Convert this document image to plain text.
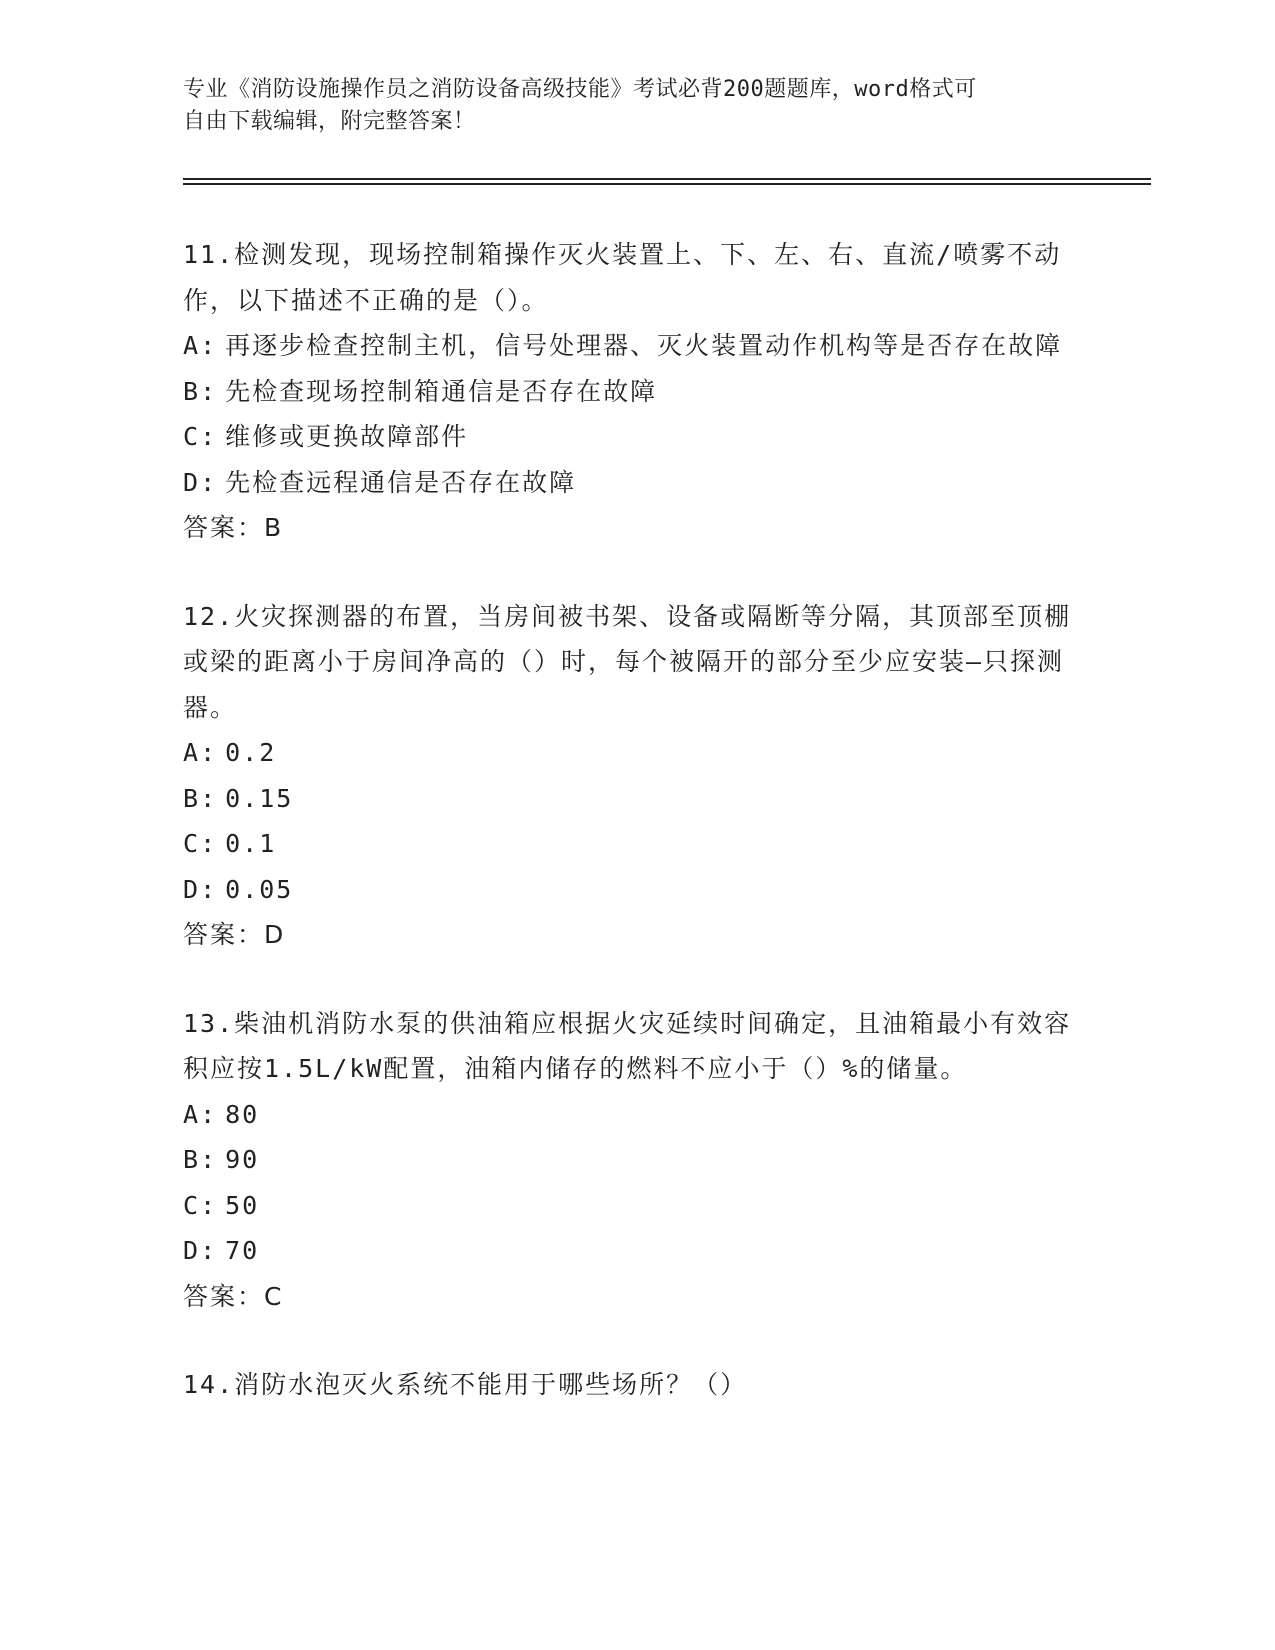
专业《消防设施操作员之消防设备高级技能》考试必背200题题库，word格式可
自由下载编辑，附完整答案！
11.检测发现，现场控制箱操作灭火装置上、下、左、右、直流/喷雾不动作，以下描述不正确的是（）。
A: 再逐步检查控制主机，信号处理器、灭火装置动作机构等是否存在故障
B: 先检查现场控制箱通信是否存在故障
C: 维修或更换故障部件
D: 先检查远程通信是否存在故障
答案：B
12.火灾探测器的布置，当房间被书架、设备或隔断等分隔，其顶部至顶棚或梁的距离小于房间净高的（）时，每个被隔开的部分至少应安装—只探测器。
A: 0.2
B: 0.15
C: 0.1
D: 0.05
答案：D
13.柴油机消防水泵的供油箱应根据火灾延续时间确定，且油箱最小有效容积应按1.5L/kW配置，油箱内储存的燃料不应小于（）%的储量。
A: 80
B: 90
C: 50
D: 70
答案：C
14.消防水泡灭火系统不能用于哪些场所？（）
